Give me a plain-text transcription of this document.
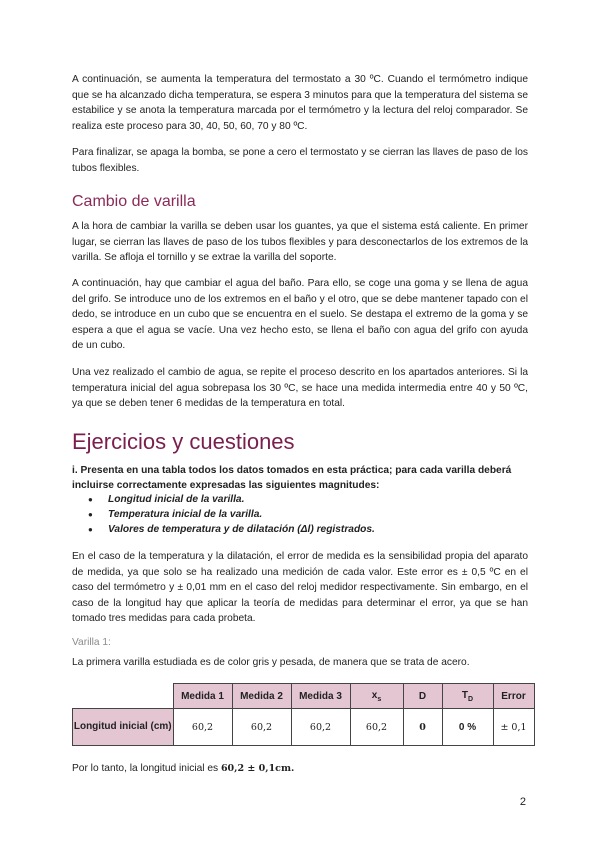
A continuación, se aumenta la temperatura del termostato a 30 ºC. Cuando el termómetro indique que se ha alcanzado dicha temperatura, se espera 3 minutos para que la temperatura del sistema se estabilice y se anota la temperatura marcada por el termómetro y la lectura del reloj comparador. Se realiza este proceso para 30, 40, 50, 60, 70 y 80 ºC.

Para finalizar, se apaga la bomba, se pone a cero el termostato y se cierran las llaves de paso de los tubos flexibles.

Cambio de varilla

A la hora de cambiar la varilla se deben usar los guantes, ya que el sistema está caliente. En primer lugar, se cierran las llaves de paso de los tubos flexibles y para desconectarlos de los extremos de la varilla. Se afloja el tornillo y se extrae la varilla del soporte.

A continuación, hay que cambiar el agua del baño. Para ello, se coge una goma y se llena de agua del grifo. Se introduce uno de los extremos en el baño y el otro, que se debe mantener tapado con el dedo, se introduce en un cubo que se encuentra en el suelo. Se destapa el extremo de la goma y se espera a que el agua se vacíe. Una vez hecho esto, se llena el baño con agua del grifo con ayuda de un cubo.

Una vez realizado el cambio de agua, se repite el proceso descrito en los apartados anteriores. Si la temperatura inicial del agua sobrepasa los 30 ºC, se hace una medida intermedia entre 40 y 50 ºC, ya que se deben tener 6 medidas de la temperatura en total.

Ejercicios y cuestiones

i. Presenta en una tabla todos los datos tomados en esta práctica; para cada varilla deberá incluirse correctamente expresadas las siguientes magnitudes:

● Longitud inicial de la varilla.
● Temperatura inicial de la varilla.
● Valores de temperatura y de dilatación (Δl) registrados.

En el caso de la temperatura y la dilatación, el error de medida es la sensibilidad propia del aparato de medida, ya que solo se ha realizado una medición de cada valor. Este error es ± 0,5 ºC en el caso del termómetro y ± 0,01 mm en el caso del reloj medidor respectivamente. Sin embargo, en el caso de la longitud hay que aplicar la teoría de medidas para determinar el error, ya que se han tomado tres medidas para cada probeta.

Varilla 1:

La primera varilla estudiada es de color gris y pesada, de manera que se trata de acero.

	Medida 1	Medida 2	Medida 3	$x_s$	D	$T_D$	Error
Longitud inicial (cm)	60,2	60,2	60,2	60,2	0	0 %	± 0,1

Por lo tanto, la longitud inicial es 60,2 ± 0,1cm.

2
